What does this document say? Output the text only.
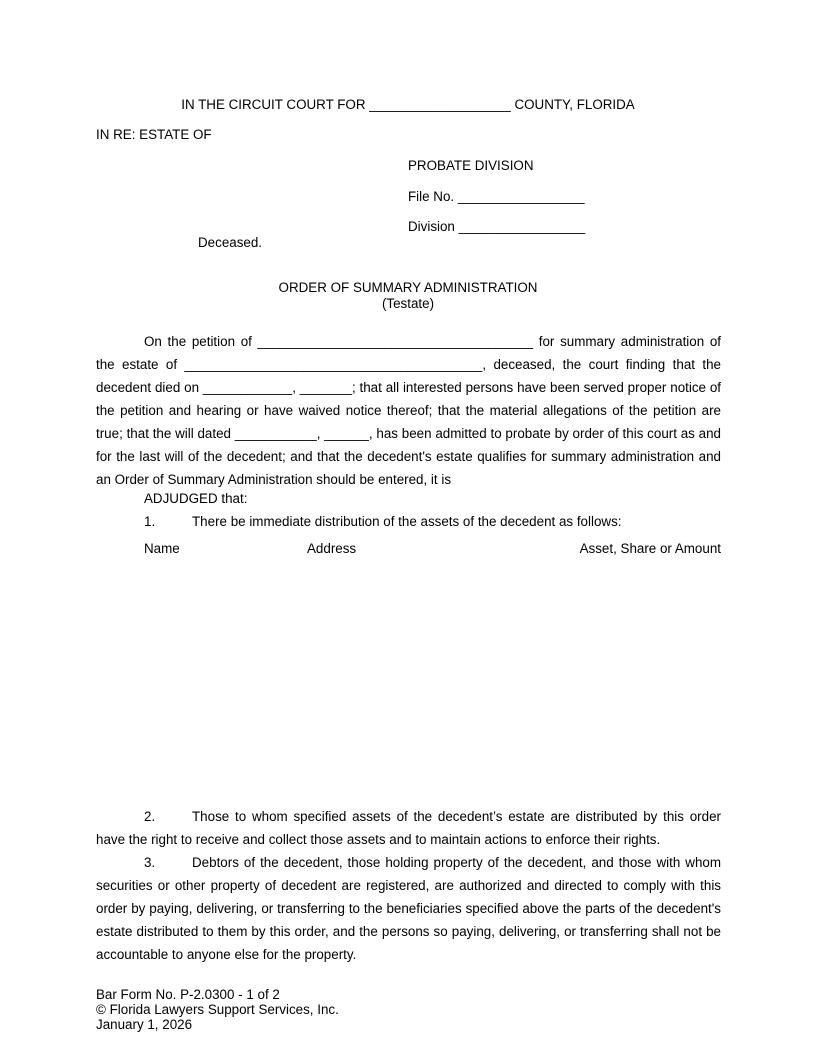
IN THE CIRCUIT COURT FOR ___________________ COUNTY, FLORIDA
IN RE: ESTATE OF
PROBATE DIVISION
File No. _________________
Division _________________
Deceased.
ORDER OF SUMMARY ADMINISTRATION
(Testate)
On the petition of _____________________________________ for summary administration of the estate of ________________________________________, deceased, the court finding that the decedent died on ____________, _______; that all interested persons have been served proper notice of the petition and hearing or have waived notice thereof; that the material allegations of the petition are true; that the will dated ___________, ______, has been admitted to probate by order of this court as and for the last will of the decedent; and that the decedent's estate qualifies for summary administration and an Order of Summary Administration should be entered, it is
ADJUDGED that:
1.	There be immediate distribution of the assets of the decedent as follows:
Name	Address	Asset, Share or Amount
2.	Those to whom specified assets of the decedent’s estate are distributed by this order have the right to receive and collect those assets and to maintain actions to enforce their rights.
3.	Debtors of the decedent, those holding property of the decedent, and those with whom securities or other property of decedent are registered, are authorized and directed to comply with this order by paying, delivering, or transferring to the beneficiaries specified above the parts of the decedent's estate distributed to them by this order, and the persons so paying, delivering, or transferring shall not be accountable to anyone else for the property.
Bar Form No. P-2.0300 - 1 of 2
© Florida Lawyers Support Services, Inc.
January 1, 2026
